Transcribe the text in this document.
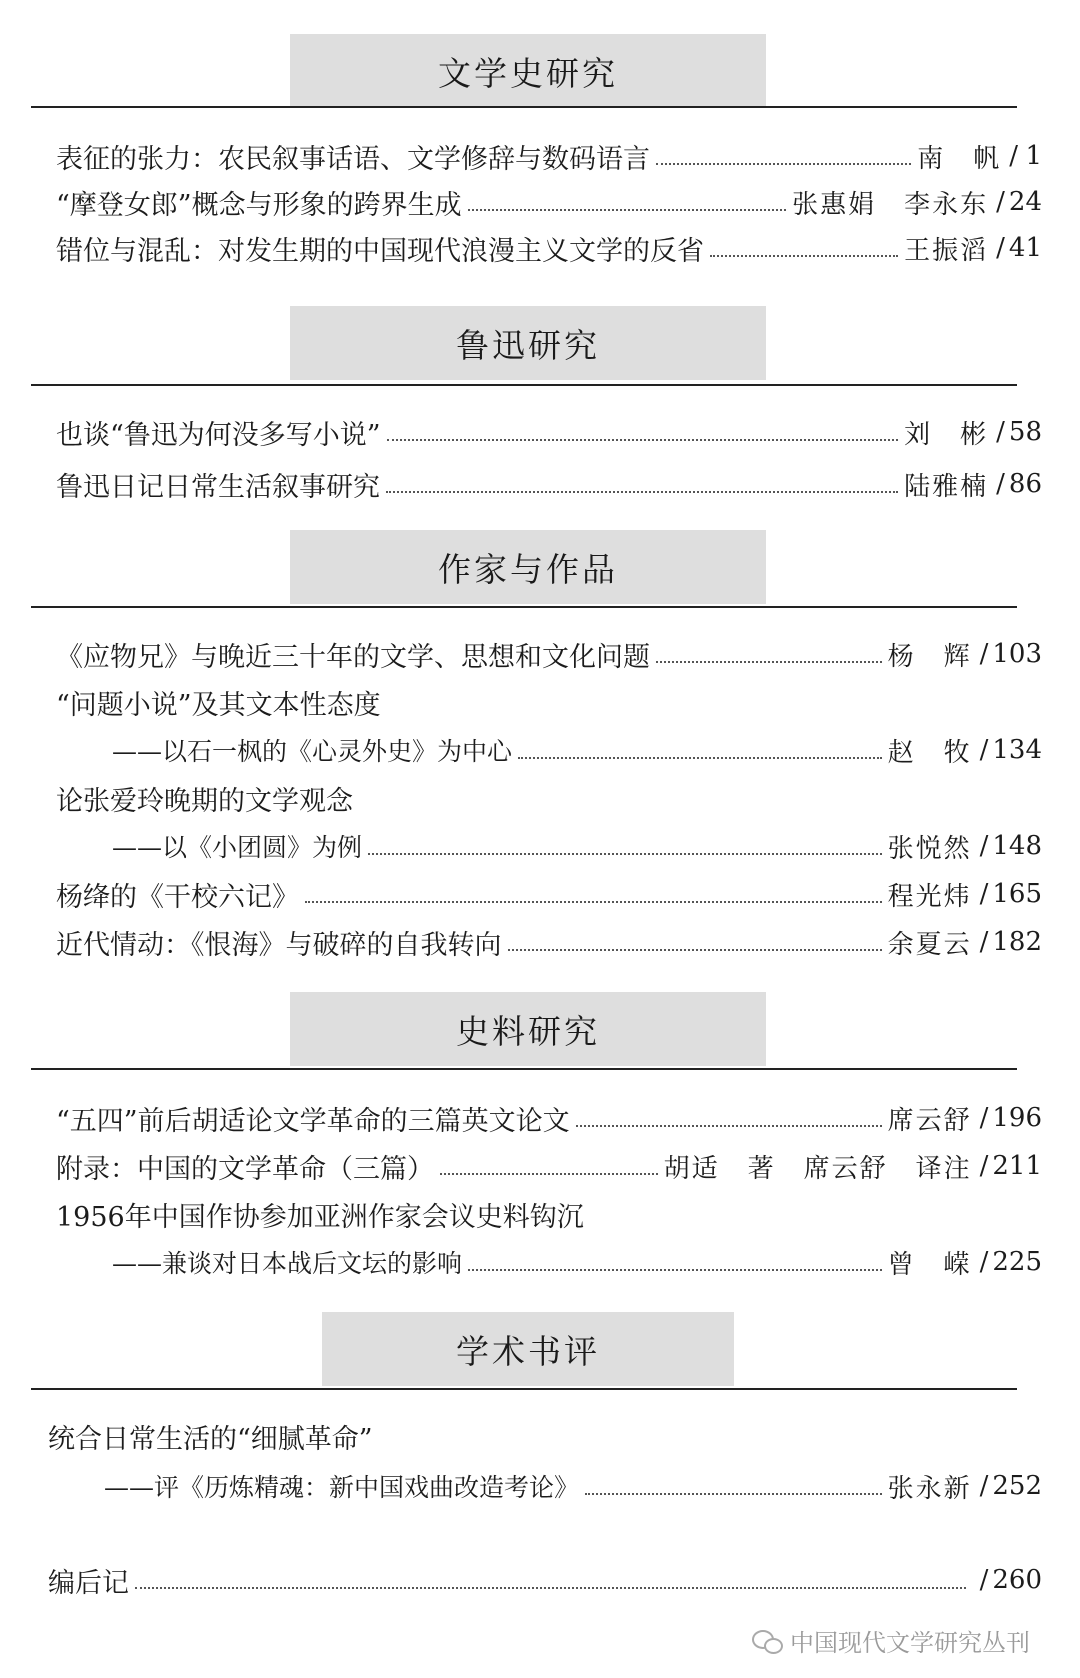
文学史研究
表征的张力：农民叙事话语、文学修辞与数码语言	南　帆 / 1
“摩登女郎”概念与形象的跨界生成	张惠娟　李永东 / 24
错位与混乱：对发生期的中国现代浪漫主义文学的反省	王振滔 / 41
鲁迅研究
也谈“鲁迅为何没多写小说”	刘　彬 / 58
鲁迅日记日常生活叙事研究	陆雅楠 / 86
作家与作品
《应物兄》与晚近三十年的文学、思想和文化问题	杨　辉 / 103
“问题小说”及其文本性态度
——以石一枫的《心灵外史》为中心	赵　牧 / 134
论张爱玲晚期的文学观念
——以《小团圆》为例	张悦然 / 148
杨绛的《干校六记》	程光炜 / 165
近代情动：《恨海》与破碎的自我转向	余夏云 / 182
史料研究
“五四”前后胡适论文学革命的三篇英文论文	席云舒 / 196
附录：中国的文学革命（三篇）	胡适　著　席云舒　译注 / 211
1956年中国作协参加亚洲作家会议史料钩沉
——兼谈对日本战后文坛的影响	曾　嵘 / 225
学术书评
统合日常生活的“细腻革命”
——评《历炼精魂：新中国戏曲改造考论》	张永新 / 252
编后记	/ 260
中国现代文学研究丛刊
